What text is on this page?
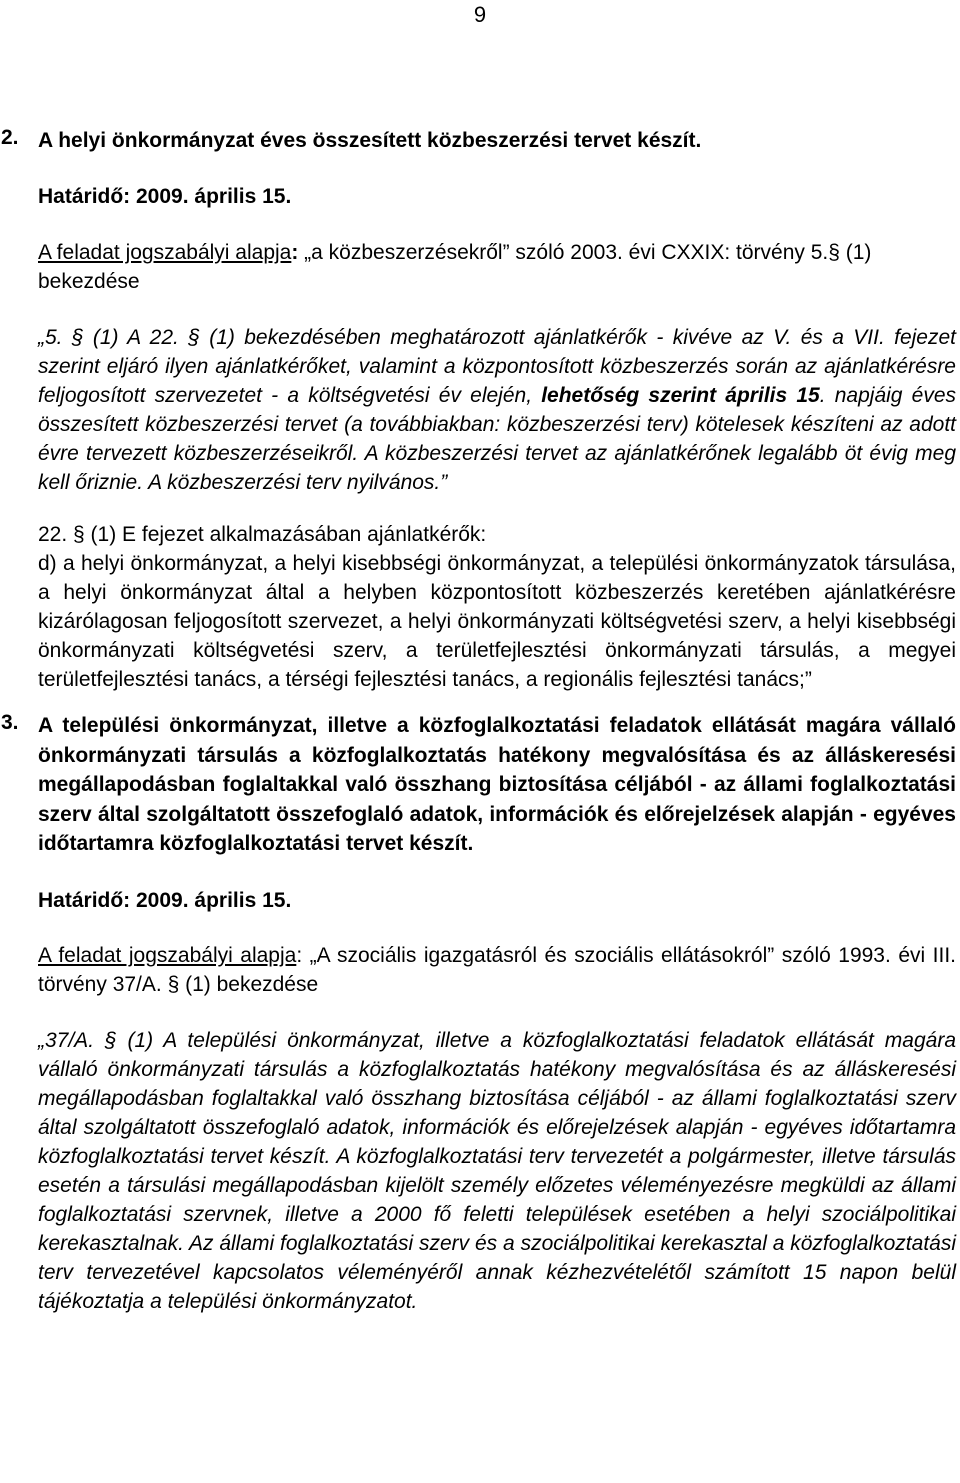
9
2. A helyi önkormányzat éves összesített közbeszerzési tervet készít.

Határidő: 2009. április 15.

A feladat jogszabályi alapja: „a közbeszerzésekről” szóló 2003. évi CXXIX: törvény 5.§ (1) bekezdése

„5. § (1) A 22. § (1) bekezdésében meghatározott ajánlatkérők - kivéve az V. és a VII. fejezet szerint eljáró ilyen ajánlatkérőket, valamint a központosított közbeszerzés során az ajánlatkérésre feljogosított szervezetet - a költségvetési év elején, lehetőség szerint április 15. napjáig éves összesített közbeszerzési tervet (a továbbiakban: közbeszerzési terv) kötelesek készíteni az adott évre tervezett közbeszerzéseikről. A közbeszerzési tervet az ajánlatkérőnek legalább öt évig meg kell őriznie. A közbeszerzési terv nyilvános.”

22. § (1) E fejezet alkalmazásában ajánlatkérők:

d) a helyi önkormányzat, a helyi kisebbségi önkormányzat, a települési önkormányzatok társulása, a helyi önkormányzat által a helyben központosított közbeszerzés keretében ajánlatkérésre kizárólagosan feljogosított szervezet, a helyi önkormányzati költségvetési szerv, a helyi kisebbségi önkormányzati költségvetési szerv, a területfejlesztési önkormányzati társulás, a megyei területfejlesztési tanács, a térségi fejlesztési tanács, a regionális fejlesztési tanács;”

3. A települési önkormányzat, illetve a közfoglalkoztatási feladatok ellátását magára vállaló önkormányzati társulás a közfoglalkoztatás hatékony megvalósítása és az álláskeresési megállapodásban foglaltakkal való összhang biztosítása céljából - az állami foglalkoztatási szerv által szolgáltatott összefoglaló adatok, információk és előrejelzések alapján - egyéves időtartamra közfoglalkoztatási tervet készít.

Határidő: 2009. április 15.

A feladat jogszabályi alapja: „A szociális igazgatásról és szociális ellátásokról” szóló 1993. évi III. törvény 37/A. § (1) bekezdése

„37/A. § (1) A települési önkormányzat, illetve a közfoglalkoztatási feladatok ellátását magára vállaló önkormányzati társulás a közfoglalkoztatás hatékony megvalósítása és az álláskeresési megállapodásban foglaltakkal való összhang biztosítása céljából - az állami foglalkoztatási szerv által szolgáltatott összefoglaló adatok, információk és előrejelzések alapján - egyéves időtartamra közfoglalkoztatási tervet készít. A közfoglalkoztatási terv tervezetét a polgármester, illetve társulás esetén a társulási megállapodásban kijelölt személy előzetes véleményezésre megküldi az állami foglalkoztatási szervnek, illetve a 2000 fő feletti települések esetében a helyi szociálpolitikai kerekasztalnak. Az állami foglalkoztatási szerv és a szociálpolitikai kerekasztal a közfoglalkoztatási terv tervezetével kapcsolatos véleményéről annak kézhezvételétől számított 15 napon belül tájékoztatja a települési önkormányzatot.
